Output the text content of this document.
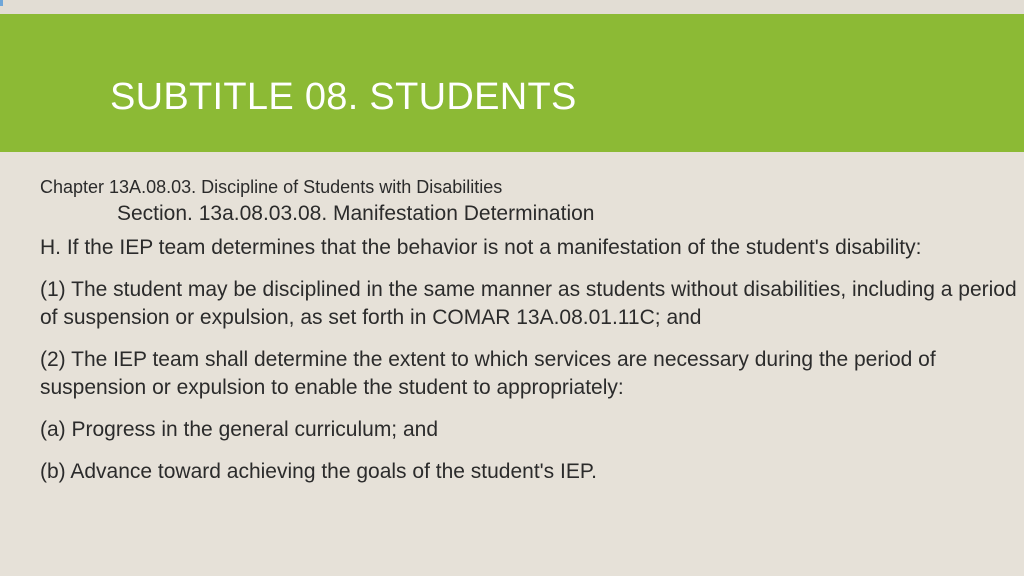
SUBTITLE 08. STUDENTS

Chapter 13A.08.03. Discipline of Students with Disabilities

Section. 13a.08.03.08. Manifestation Determination

H. If the IEP team determines that the behavior is not a manifestation of the student's disability:

(1) The student may be disciplined in the same manner as students without disabilities, including a period of suspension or expulsion, as set forth in COMAR 13A.08.01.11C; and

(2) The IEP team shall determine the extent to which services are necessary during the period of suspension or expulsion to enable the student to appropriately:

(a) Progress in the general curriculum; and

(b) Advance toward achieving the goals of the student's IEP.
